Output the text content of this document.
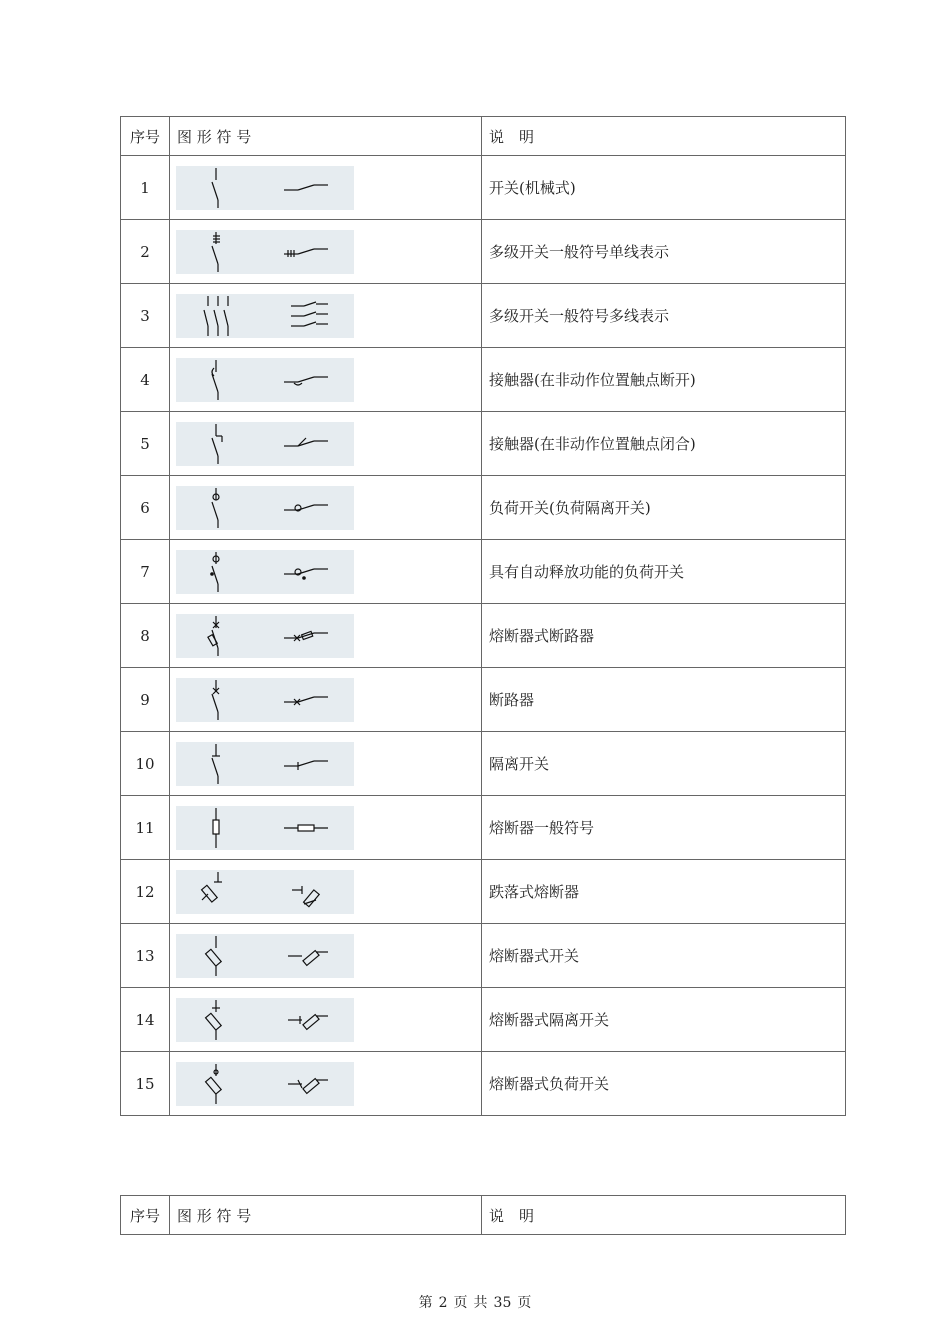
序号	图 形 符 号	说　明
1		开关(机械式)
2		多级开关一般符号单线表示
3		多级开关一般符号多线表示
4		接触器(在非动作位置触点断开)
5		接触器(在非动作位置触点闭合)
6		负荷开关(负荷隔离开关)
7		具有自动释放功能的负荷开关
8		熔断器式断路器
9		断路器
10		隔离开关
11		熔断器一般符号
12		跌落式熔断器
13		熔断器式开关
14		熔断器式隔离开关
15		熔断器式负荷开关
序号	图 形 符 号	说　明
第 2 页 共 35 页
